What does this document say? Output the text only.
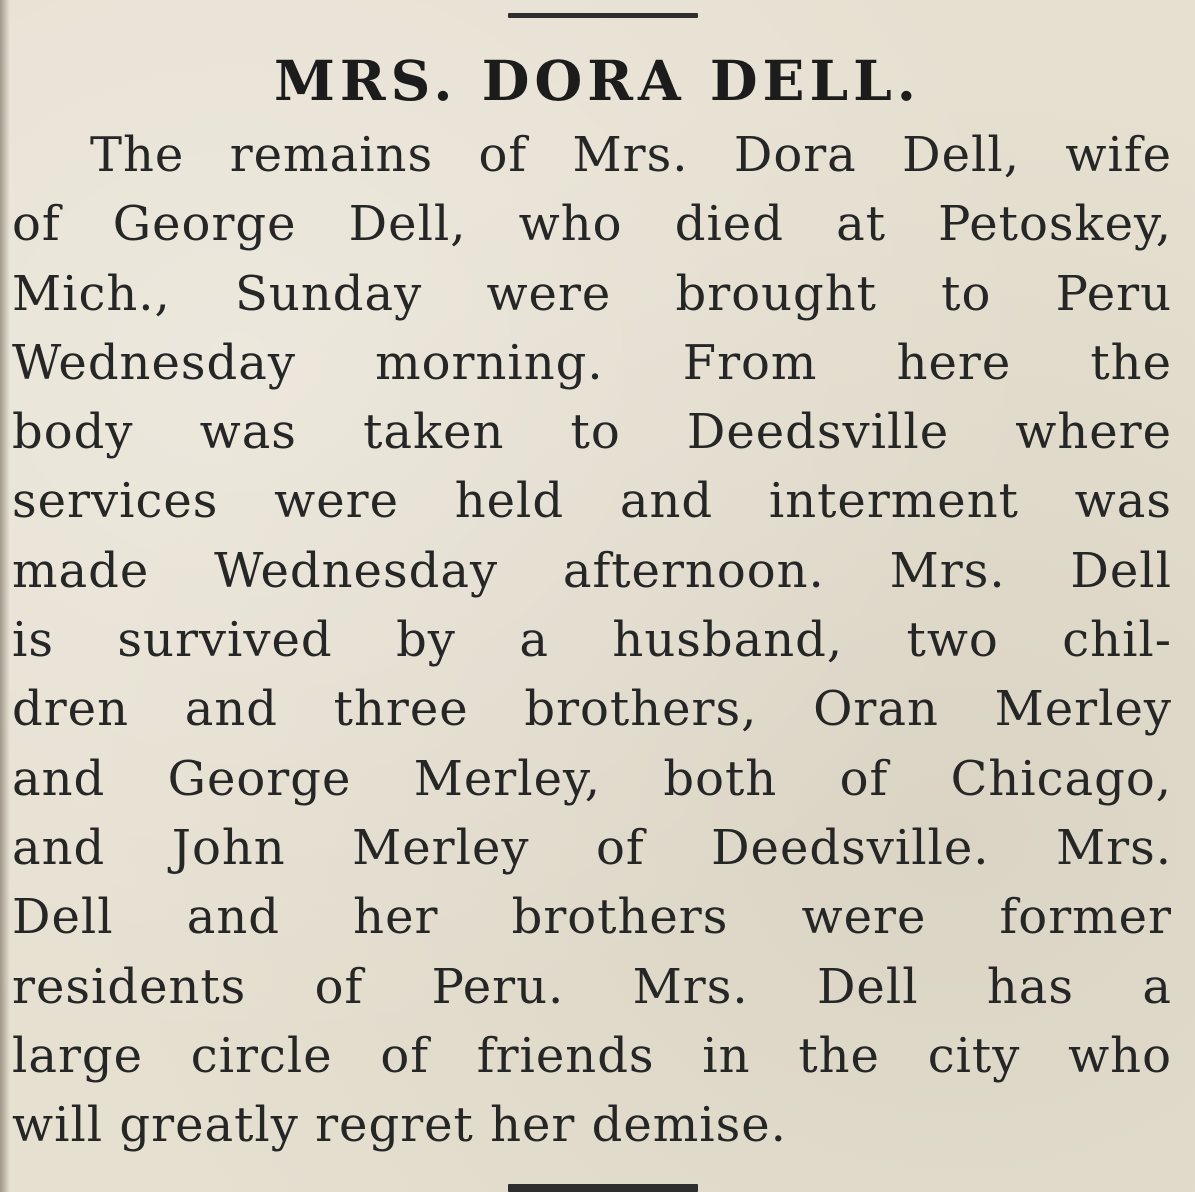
MRS. DORA DELL.
The remains of Mrs. Dora Dell, wife
of George Dell, who died at Petoskey,
Mich., Sunday were brought to Peru
Wednesday morning. From here the
body was taken to Deedsville where
services were held and interment was
made Wednesday afternoon. Mrs. Dell
is survived by a husband, two chil-
dren and three brothers, Oran Merley
and George Merley, both of Chicago,
and John Merley of Deedsville. Mrs.
Dell and her brothers were former
residents of Peru. Mrs. Dell has a
large circle of friends in the city who
will greatly regret her demise.
